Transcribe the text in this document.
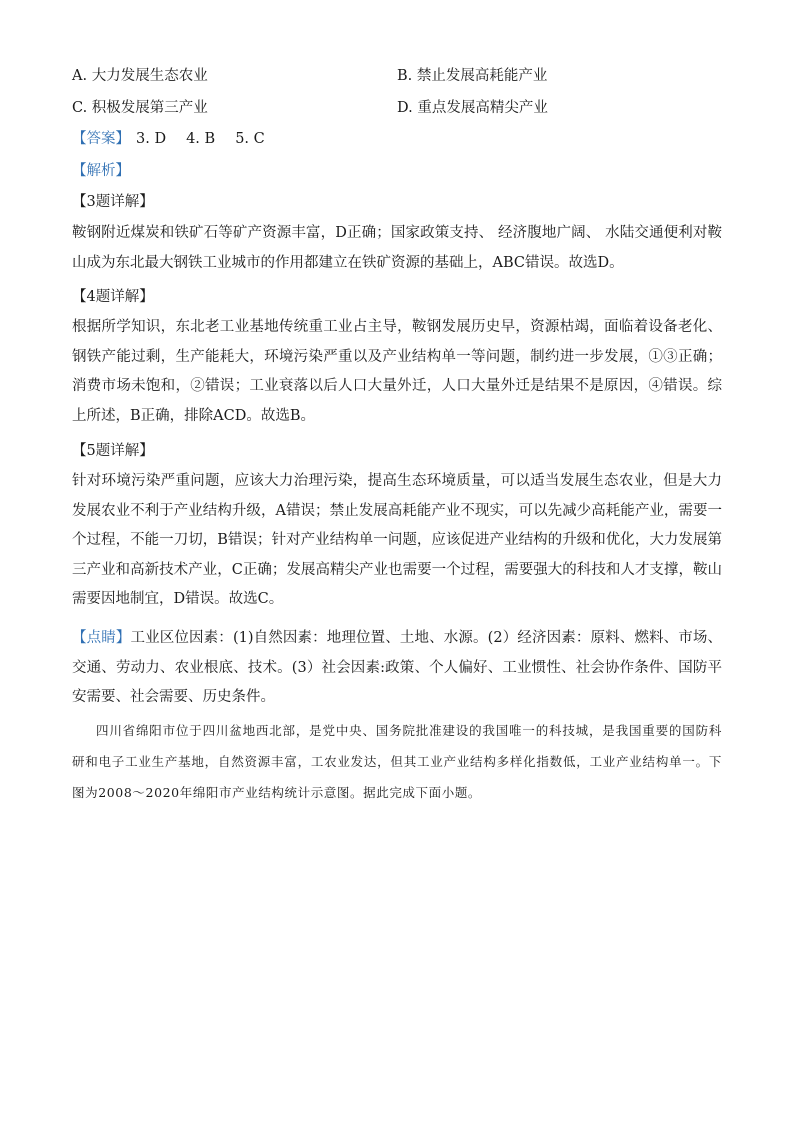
A. 大力发展生态农业	B. 禁止发展高耗能产业
C. 积极发展第三产业	D. 重点发展高精尖产业
【答案】 3. D 4. B 5. C
【解析】
【3题详解】
鞍钢附近煤炭和铁矿石等矿产资源丰富，D正确；国家政策支持、 经济腹地广阔、 水陆交通便利对鞍山成为东北最大钢铁工业城市的作用都建立在铁矿资源的基础上，ABC错误。故选D。
【4题详解】
根据所学知识，东北老工业基地传统重工业占主导，鞍钢发展历史早，资源枯竭，面临着设备老化、钢铁产能过剩，生产能耗大，环境污染严重以及产业结构单一等问题，制约进一步发展，①③正确；消费市场未饱和，②错误；工业衰落以后人口大量外迁，人口大量外迁是结果不是原因，④错误。综上所述，B正确，排除ACD。故选B。
【5题详解】
针对环境污染严重问题，应该大力治理污染，提高生态环境质量，可以适当发展生态农业，但是大力发展农业不利于产业结构升级，A错误；禁止发展高耗能产业不现实，可以先减少高耗能产业，需要一个过程，不能一刀切，B错误；针对产业结构单一问题，应该促进产业结构的升级和优化，大力发展第三产业和高新技术产业，C正确；发展高精尖产业也需要一个过程，需要强大的科技和人才支撑，鞍山需要因地制宜，D错误。故选C。
【点睛】工业区位因素：(1)自然因素：地理位置、土地、水源。(2）经济因素：原料、燃料、市场、交通、劳动力、农业根底、技术。(3）社会因素:政策、个人偏好、工业惯性、社会协作条件、国防平安需要、社会需要、历史条件。
四川省绵阳市位于四川盆地西北部，是党中央、国务院批准建设的我国唯一的科技城，是我国重要的国防科研和电子工业生产基地，自然资源丰富，工农业发达，但其工业产业结构多样化指数低，工业产业结构单一。下图为2008～2020年绵阳市产业结构统计示意图。据此完成下面小题。
